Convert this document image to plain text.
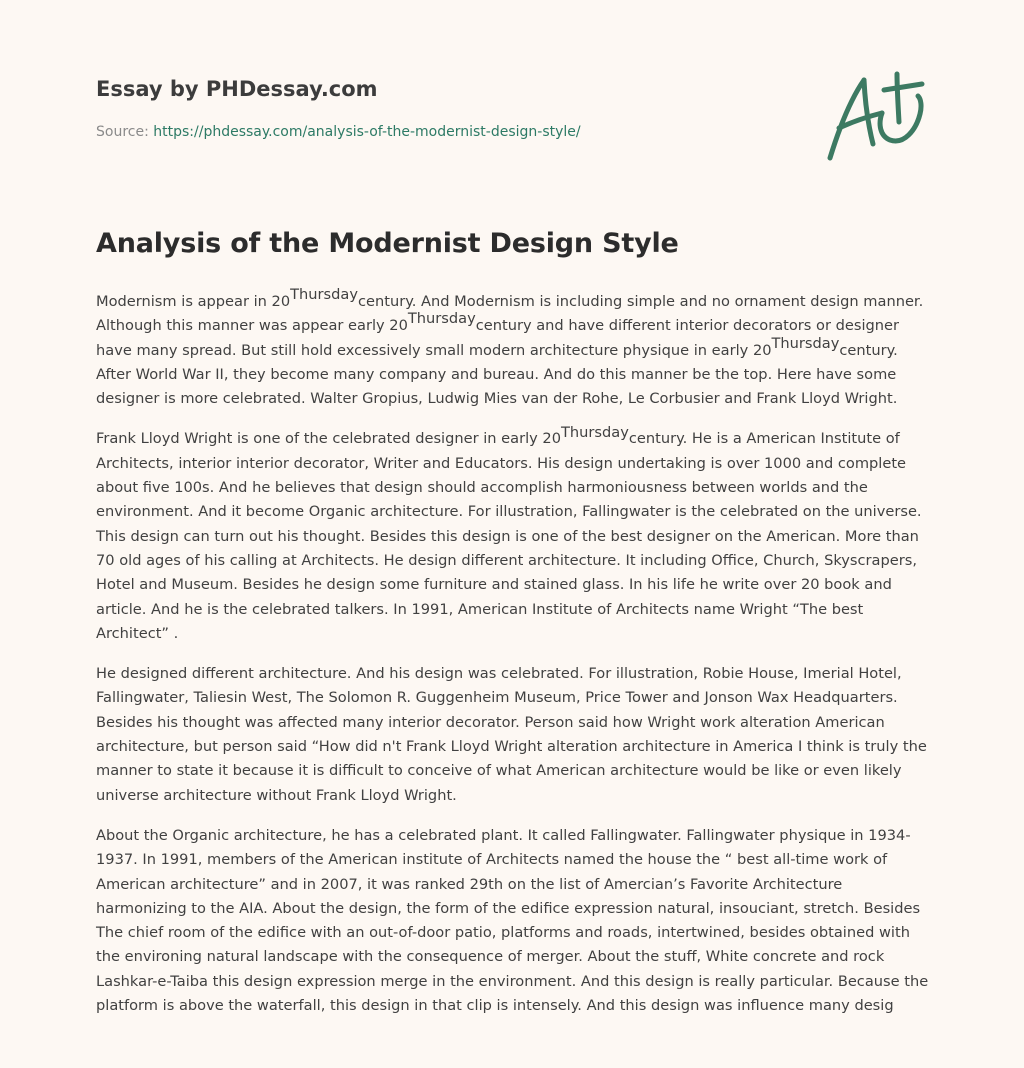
Essay by PHDessay.com

Source: https://phdessay.com/analysis-of-the-modernist-design-style/
Analysis of the Modernist Design Style

Modernism is appear in $20^{Thursday}century$. And Modernism is including simple and no ornament design manner. Although this manner was appear early $20^{Thursday}century$ and have different interior decorators or designer have many spread. But still hold excessively small modern architecture physique in early $20^{Thursday}century$. After World War II, they become many company and bureau. And do this manner be the top. Here have some designer is more celebrated. Walter Gropius, Ludwig Mies van der Rohe, Le Corbusier and Frank Lloyd Wright.

Frank Lloyd Wright is one of the celebrated designer in early $20^{Thursday}century$. He is a American Institute of Architects, interior interior decorator, Writer and Educators. His design undertaking is over 1000 and complete about five 100s. And he believes that design should accomplish harmoniousness between worlds and the environment. And it become Organic architecture. For illustration, Fallingwater is the celebrated on the universe. This design can turn out his thought. Besides this design is one of the best designer on the American. More than 70 old ages of his calling at Architects. He design different architecture. It including Office, Church, Skyscrapers, Hotel and Museum. Besides he design some furniture and stained glass. In his life he write over 20 book and article. And he is the celebrated talkers. In 1991, American Institute of Architects name Wright “The best Architect” .

He designed different architecture. And his design was celebrated. For illustration, Robie House, Imerial Hotel, Fallingwater, Taliesin West, The Solomon R. Guggenheim Museum, Price Tower and Jonson Wax Headquarters. Besides his thought was affected many interior decorator. Person said how Wright work alteration American architecture, but person said “How did n't Frank Lloyd Wright alteration architecture in America I think is truly the manner to state it because it is difficult to conceive of what American architecture would be like or even likely universe architecture without Frank Lloyd Wright.

About the Organic architecture, he has a celebrated plant. It called Fallingwater. Fallingwater physique in 1934-1937. In 1991, members of the American institute of Architects named the house the “ best all-time work of American architecture” and in 2007, it was ranked 29th on the list of Amercian’s Favorite Architecture harmonizing to the AIA. About the design, the form of the edifice expression natural, insouciant, stretch. Besides The chief room of the edifice with an out-of-door patio, platforms and roads, intertwined, besides obtained with the environing natural landscape with the consequence of merger. About the stuff, White concrete and rock Lashkar-e-Taiba this design expression merge in the environment. And this design is really particular. Because the platform is above the waterfall, this design in that clip is intensely. And this design was influence many desig
